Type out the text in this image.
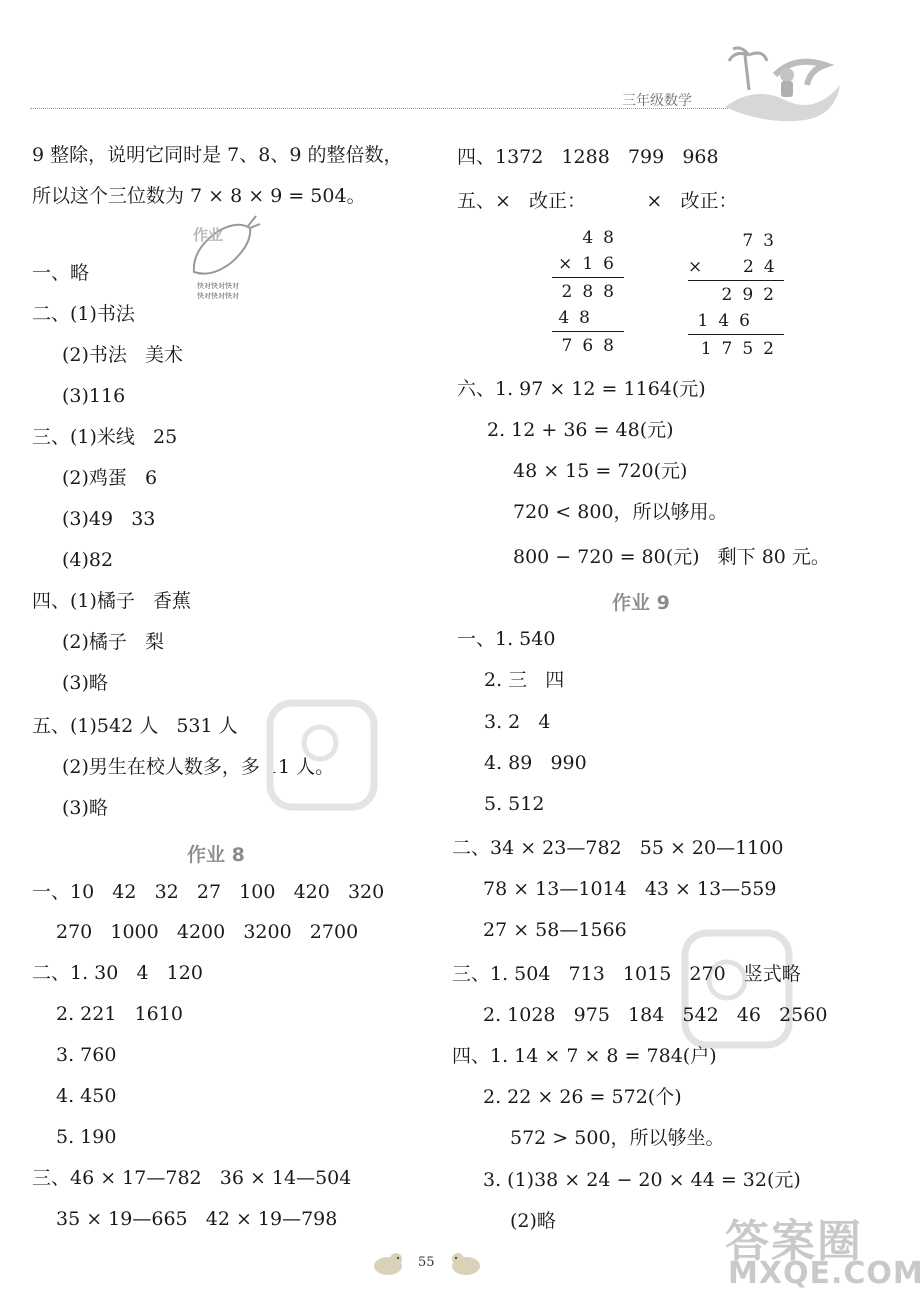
三年级数学
9 整除，说明它同时是 7、8、9 的整倍数，
所以这个三位数为 7 × 8 × 9 = 504。
作业
快对快对快对
快对快对快对
一、略
二、(1)书法
(2)书法   美术
(3)116
三、(1)米线   25
(2)鸡蛋   6
(3)49   33
(4)82
四、(1)橘子   香蕉
(2)橘子   梨
(3)略
五、(1)542 人   531 人
(2)男生在校人数多，多 11 人。
(3)略
作业 8
一、10   42   32   27   100   420   320
270   1000   4200   3200   2700
二、1. 30   4   120
2. 221   1610
3. 760
4. 450
5. 190
三、46 × 17—782   36 × 14—504
35 × 19—665   42 × 19—798
四、1372   1288   799   968
五、×   改正：          ×   改正：
48
×16
288
48
768
73
×  24
292
146
1752
六、1. 97 × 12 = 1164(元)
2. 12 + 36 = 48(元)
48 × 15 = 720(元)
720 < 800，所以够用。
800 − 720 = 80(元)   剩下 80 元。
作业 9
一、1. 540
2. 三   四
3. 2   4
4. 89   990
5. 512
二、34 × 23—782   55 × 20—1100
78 × 13—1014   43 × 13—559
27 × 58—1566
三、1. 504   713   1015   270   竖式略
2. 1028   975   184   542   46   2560
四、1. 14 × 7 × 8 = 784(户)
2. 22 × 26 = 572(个)
572 > 500，所以够坐。
3. (1)38 × 24 − 20 × 44 = 32(元)
(2)略
55	答案圈
MXQE.COM
